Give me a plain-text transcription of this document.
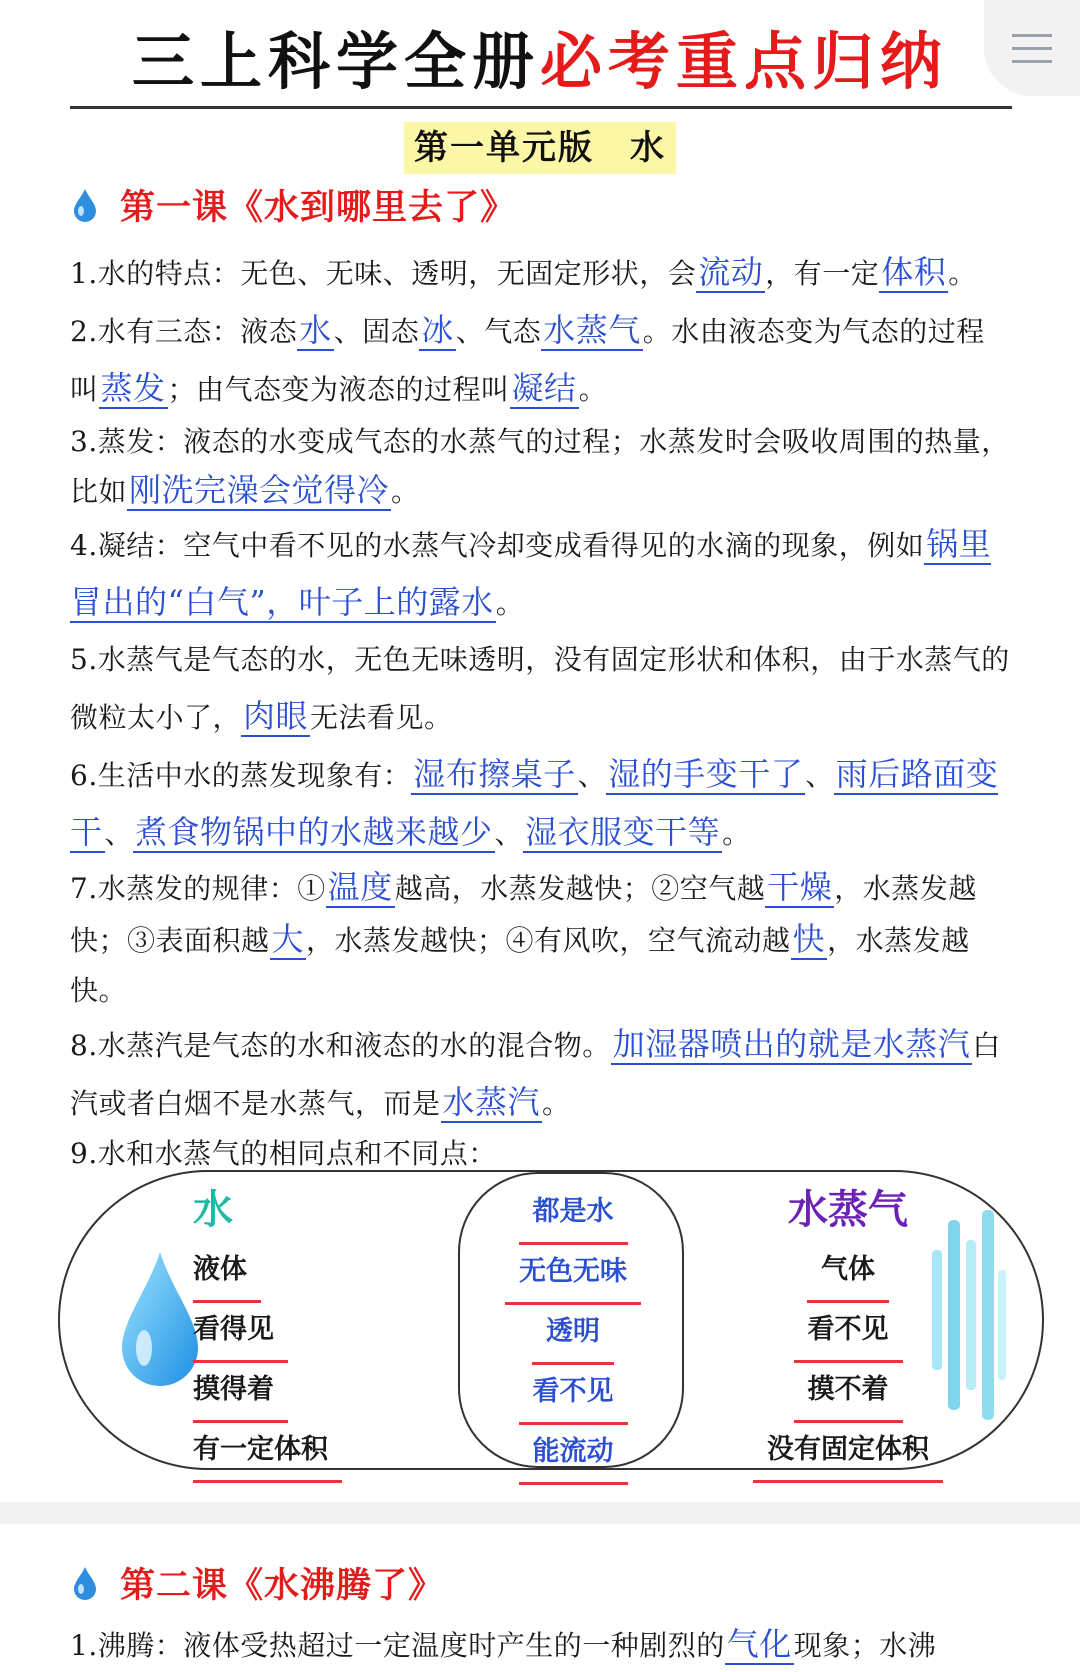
三上科学全册必考重点归纳
第一单元版　水
第一课《水到哪里去了》

1.水的特点：无色、无味、透明，无固定形状，会流动，有一定体积。

2.水有三态：液态水、固态冰、气态水蒸气。水由液态变为气态的过程叫蒸发；由气态变为液态的过程叫凝结。

3.蒸发：液态的水变成气态的水蒸气的过程；水蒸发时会吸收周围的热量，比如刚洗完澡会觉得冷。

4.凝结：空气中看不见的水蒸气冷却变成看得见的水滴的现象，例如锅里冒出的“白气”，叶子上的露水。

5.水蒸气是气态的水，无色无味透明，没有固定形状和体积，由于水蒸气的微粒太小了，肉眼无法看见。

6.生活中水的蒸发现象有：湿布擦桌子、湿的手变干了、雨后路面变干、煮食物锅中的水越来越少、湿衣服变干等。

7.水蒸发的规律：①温度越高，水蒸发越快；②空气越干燥，水蒸发越快；③表面积越大，水蒸发越快；④有风吹，空气流动越快，水蒸发越快。

8.水蒸汽是气态的水和液态的水的混合物。加湿器喷出的就是水蒸汽白汽或者白烟不是水蒸气，而是水蒸汽。

9.水和水蒸气的相同点和不同点：

水
液体
看得见
摸得着
有一定体积
都是水
无色无味
透明
看不见
能流动
水蒸气
气体
看不见
摸不着
没有固定体积
第二课《水沸腾了》

1.沸腾：液体受热超过一定温度时产生的一种剧烈的气化现象；水沸
